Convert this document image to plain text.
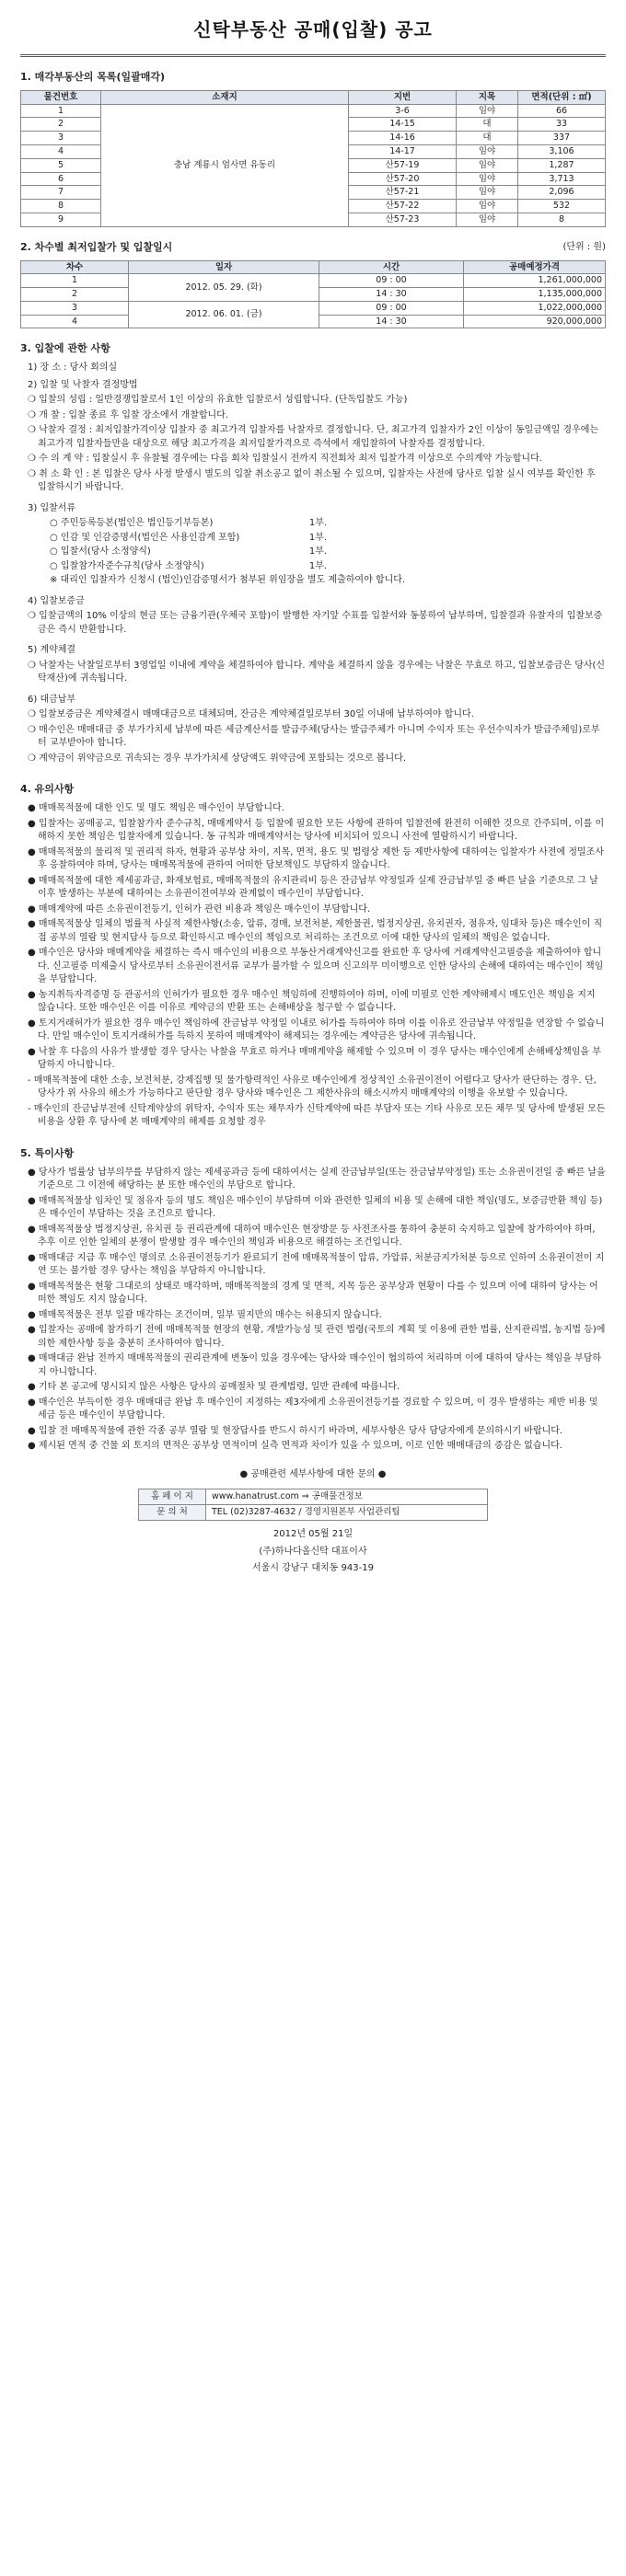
신탁부동산 공매(입찰) 공고
1. 매각부동산의 목록(일괄매각)
물건번호	소재지	지번	지목	면적(단위 : ㎡)
1	충남 계룡시 엄사면 유동리	3-6	임야	66
2		14-15	대	33
3		14-16	대	337
4		14-17	임야	3,106
5		산57-19	임야	1,287
6		산57-20	임야	3,713
7		산57-21	임야	2,096
8		산57-22	임야	532
9		산57-23	임야	8
2. 차수별 최저입찰가 및 입찰일시	(단위 : 원)
차수	일자	시간	공매예정가격
1	2012. 05. 29. (화)	09 : 00	1,261,000,000
2		14 : 30	1,135,000,000
3	2012. 06. 01. (금)	09 : 00	1,022,000,000
4		14 : 30	920,000,000
3. 입찰에 관한 사항
1) 장 소 : 당사 회의실
2) 입찰 및 낙찰자 결정방법
❍ 입찰의 성립 : 일반경쟁입찰로서 1인 이상의 유효한 입찰로서 성립합니다. (단독입찰도 가능)
❍ 개 찰 : 입찰 종료 후 입찰 장소에서 개찰합니다.
❍ 낙찰자 결정 : 최저입찰가격이상 입찰자 중 최고가격 입찰자를 낙찰자로 결정합니다. 단, 최고가격 입찰자가 2인 이상이 동일금액일 경우에는 최고가격 입찰자들만을 대상으로 해당 최고가격을 최저입찰가격으로 즉석에서 재입찰하여 낙찰자를 결정합니다.
❍ 수 의 계 약 : 입찰실시 후 유찰될 경우에는 다음 회차 입찰실시 전까지 직전회차 최저 입찰가격 이상으로 수의계약 가능합니다.
❍ 취 소 확 인 : 본 입찰은 당사 사정 발생시 별도의 입찰 취소공고 없이 취소될 수 있으며, 입찰자는 사전에 당사로 입찰 실시 여부를 확인한 후 입찰하시기 바랍니다.
3) 입찰서류
○ 주민등록등본(법인은 법인등기부등본)	1부.
○ 인감 및 인감증명서(법인은 사용인감계 포함)	1부.
○ 입찰서(당사 소정양식)	1부.
○ 입찰참가자준수규칙(당사 소정양식)	1부.
※ 대리인 입찰자가 신청시 (법인)인감증명서가 첨부된 위임장을 별도 제출하여야 합니다.
4) 입찰보증금
❍ 입찰금액의 10% 이상의 현금 또는 금융기관(우체국 포함)이 발행한 자기앞 수표를 입찰서와 동봉하여 납부하며, 입찰결과 유찰자의 입찰보증금은 즉시 반환합니다.
5) 계약체결
❍ 낙찰자는 낙찰일로부터 3영업일 이내에 계약을 체결하여야 합니다. 계약을 체결하지 않을 경우에는 낙찰은 무효로 하고, 입찰보증금은 당사(신탁재산)에 귀속됩니다.
6) 대금납부
❍ 입찰보증금은 계약체결시 매매대금으로 대체되며, 잔금은 계약체결일로부터 30일 이내에 납부하여야 합니다.
❍ 매수인은 매매대금 중 부가가치세 납부에 따른 세금계산서를 발급주체(당사는 발급주체가 아니며 수익자 또는 우선수익자가 발급주체임)로부터 교부받아야 합니다.
❍ 계약금이 위약금으로 귀속되는 경우 부가가치세 상당액도 위약금에 포함되는 것으로 봅니다.
4. 유의사항
● 매매목적물에 대한 인도 및 명도 책임은 매수인이 부담합니다.
● 입찰자는 공매공고, 입찰참가자 준수규칙, 매매계약서 등 입찰에 필요한 모든 사항에 관하여 입찰전에 완전히 이해한 것으로 간주되며, 이를 이해하지 못한 책임은 입찰자에게 있습니다. 동 규칙과 매매계약서는 당사에 비치되어 있으니 사전에 열람하시기 바랍니다.
● 매매목적물의 물리적 및 권리적 하자, 현황과 공부상 차이, 지목, 면적, 용도 및 법령상 제한 등 제반사항에 대하여는 입찰자가 사전에 정밀조사 후 응찰하여야 하며, 당사는 매매목적물에 관하여 어떠한 담보책임도 부담하지 않습니다.
● 매매목적물에 대한 제세공과금, 화재보험료, 매매목적물의 유지관리비 등은 잔금납부 약정일과 실제 잔금납부일 중 빠른 날을 기준으로 그 날 이후 발생하는 부분에 대하여는 소유권이전여부와 관계없이 매수인이 부담합니다.
● 매매계약에 따른 소유권이전등기, 인허가 관련 비용과 책임은 매수인이 부담합니다.
● 매매목적물상 일체의 법률적 사실적 제한사항(소송, 압류, 경매, 보전처분, 제한물권, 법정지상권, 유치권자, 점유자, 임대차 등)은 매수인이 직접 공부의 열람 및 현지답사 등으로 확인하시고 매수인의 책임으로 처리하는 조건으로 이에 대한 당사의 일체의 책임은 없습니다.
● 매수인은 당사와 매매계약을 체결하는 즉시 매수인의 비용으로 부동산거래계약신고를 완료한 후 당사에 거래계약신고필증을 제출하여야 합니다. 신고필증 미제출시 당사로부터 소유권이전서류 교부가 불가할 수 있으며 신고의무 미이행으로 인한 당사의 손해에 대하여는 매수인이 책임을 부담합니다.
● 농지취득자격증명 등 관공서의 인허가가 필요한 경우 매수인 책임하에 진행하여야 하며, 이에 미필로 인한 계약해제시 매도인은 책임을 지지 않습니다. 또한 매수인은 이를 이유로 계약금의 반환 또는 손해배상을 청구할 수 없습니다.
● 토지거래허가가 필요한 경우 매수인 책임하에 잔금납부 약정일 이내로 허가를 득하여야 하며 이를 이유로 잔금납부 약정일을 연장할 수 없습니다. 만일 매수인이 토지거래허가를 득하지 못하여 매매계약이 해제되는 경우에는 계약금은 당사에 귀속됩니다.
● 낙찰 후 다음의 사유가 발생할 경우 당사는 낙찰을 무효로 하거나 매매계약을 해제할 수 있으며 이 경우 당사는 매수인에게 손해배상책임을 부담하지 아니합니다.
- 매매목적물에 대한 소송, 보전처분, 강제집행 및 물가항력적인 사유로 매수인에게 정상적인 소유권이전이 어렵다고 당사가 판단하는 경우. 단, 당사가 위 사유의 해소가 가능하다고 판단할 경우 당사와 매수인은 그 제한사유의 해소시까지 매매계약의 이행을 유보할 수 있습니다.
- 매수인의 잔금납부전에 신탁계약상의 위탁자, 수익자 또는 채무자가 신탁계약에 따른 부담자 또는 기타 사유로 모든 채무 및 당사에 발생된 모든 비용을 상환 후 당사에 본 매매계약의 해제를 요청할 경우
5. 특이사항
● 당사가 법률상 납부의무를 부담하지 않는 제세공과금 등에 대하여서는 실제 잔금납부일(또는 잔금납부약정일) 또는 소유권이전일 중 빠른 날을 기준으로 그 이전에 해당하는 분 또한 매수인의 부담으로 합니다.
● 매매목적물상 임차인 및 점유자 등의 명도 책임은 매수인이 부담하며 이와 관련한 일체의 비용 및 손해에 대한 책임(명도, 보증금반환 책임 등)은 매수인이 부담하는 것을 조건으로 합니다.
● 매매목적물상 법정지상권, 유치권 등 권리관계에 대하여 매수인은 현장방문 등 사전조사를 통하여 충분히 숙지하고 입찰에 참가하여야 하며, 추후 이로 인한 일체의 분쟁이 발생할 경우 매수인의 책임과 비용으로 해결하는 조건입니다.
● 매매대금 지급 후 매수인 명의로 소유권이전등기가 완료되기 전에 매매목적물이 압류, 가압류, 처분금지가처분 등으로 인하여 소유권이전이 지연 또는 불가할 경우 당사는 책임을 부담하지 아니합니다.
● 매매목적물은 현황 그대로의 상태로 매각하며, 매매목적물의 경계 및 면적, 지목 등은 공부상과 현황이 다를 수 있으며 이에 대하여 당사는 어떠한 책임도 지지 않습니다.
● 매매목적물은 전부 일괄 매각하는 조건이며, 일부 필지만의 매수는 허용되지 않습니다.
● 입찰자는 공매에 참가하기 전에 매매목적물 현장의 현황, 개발가능성 및 관련 법령(국토의 계획 및 이용에 관한 법률, 산지관리법, 농지법 등)에 의한 제한사항 등을 충분히 조사하여야 합니다.
● 매매대금 완납 전까지 매매목적물의 권리관계에 변동이 있을 경우에는 당사와 매수인이 협의하여 처리하며 이에 대하여 당사는 책임을 부담하지 아니합니다.
● 기타 본 공고에 명시되지 않은 사항은 당사의 공매절차 및 관계법령, 일반 관례에 따릅니다.
● 매수인은 부득이한 경우 매매대금 완납 후 매수인이 지정하는 제3자에게 소유권이전등기를 경료할 수 있으며, 이 경우 발생하는 제반 비용 및 세금 등은 매수인이 부담합니다.
● 입찰 전 매매목적물에 관한 각종 공부 열람 및 현장답사를 반드시 하시기 바라며, 세부사항은 당사 담당자에게 문의하시기 바랍니다.
● 제시된 면적 중 건물 외 토지의 면적은 공부상 면적이며 실측 면적과 차이가 있을 수 있으며, 이로 인한 매매대금의 증감은 없습니다.
● 공매관련 세부사항에 대한 문의 ●
홈 페 이 지	www.hanatrust.com ⇒ 공매물건정보
문 의 처	TEL (02)3287-4632 / 경영지원본부 사업관리팀
2012년 05월 21일
(주)하나다올신탁 대표이사
서울시 강남구 대치동 943-19
